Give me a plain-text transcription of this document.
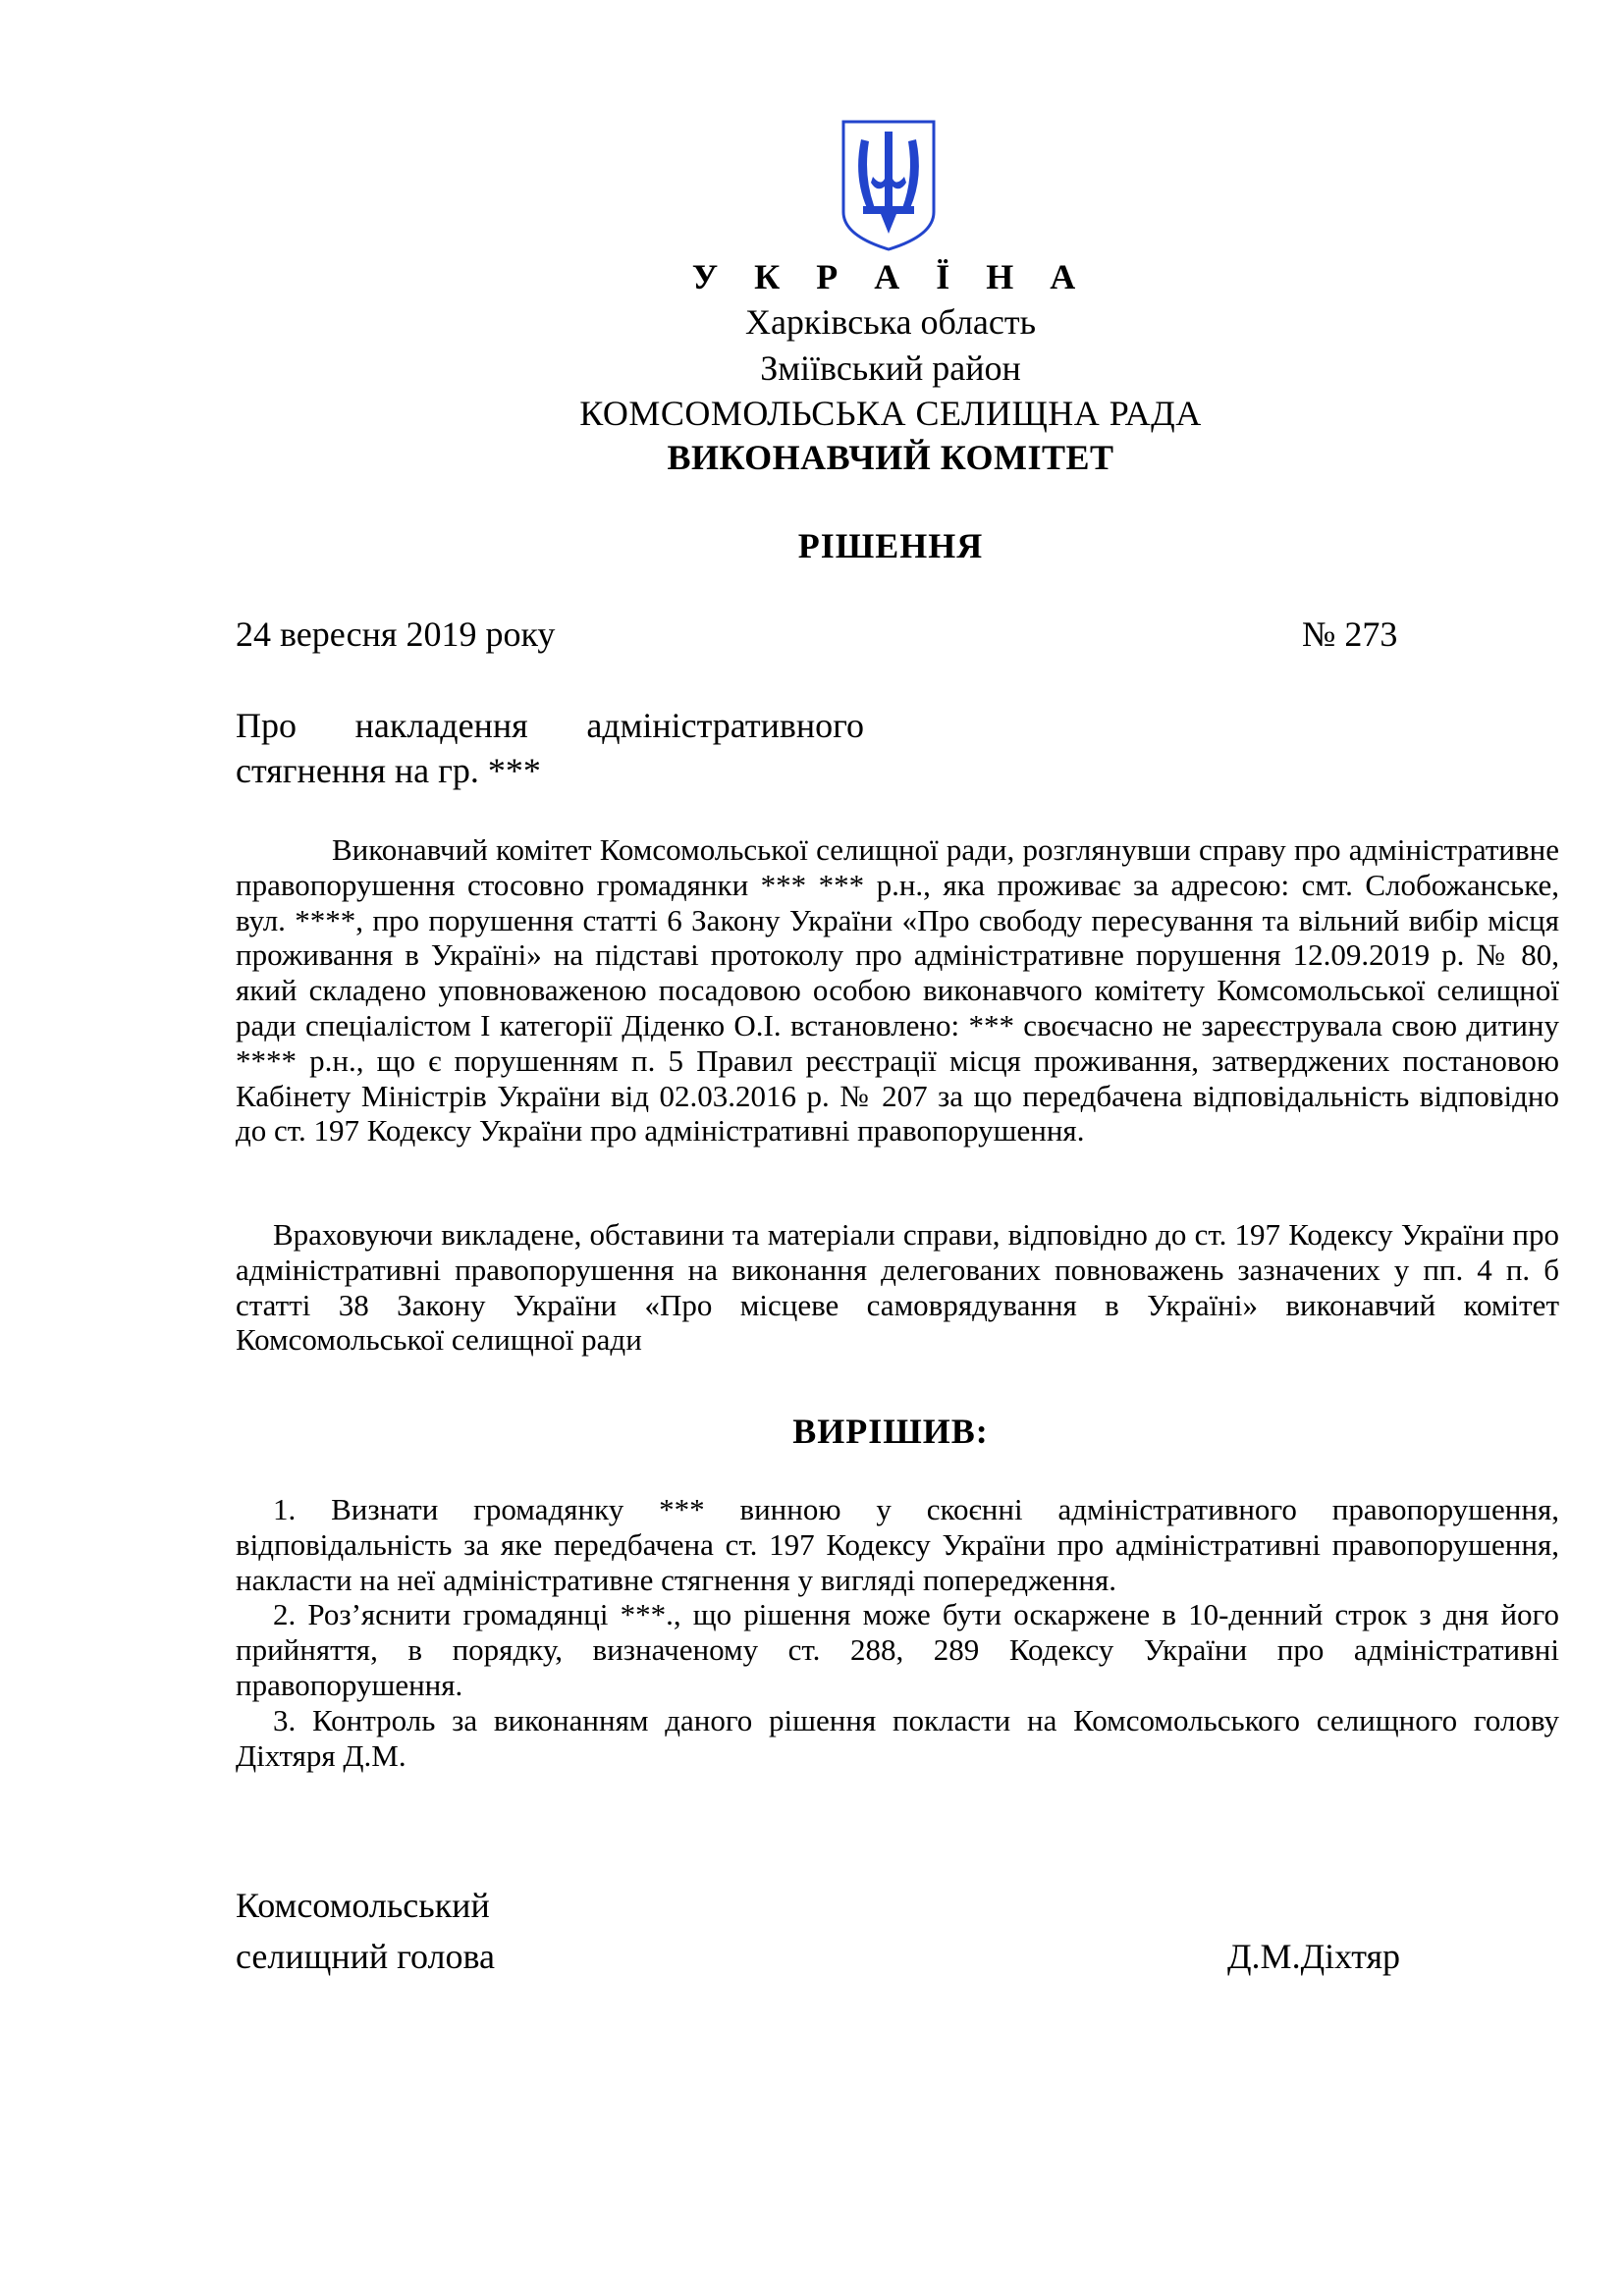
У К Р А Ї Н А
Харківська область
Зміївський район
КОМСОМОЛЬСЬКА СЕЛИЩНА РАДА
ВИКОНАВЧИЙ КОМІТЕТ
РІШЕННЯ
24 вересня 2019 року	№ 273
Про накладення адміністративного
стягнення на гр. ***
Виконавчий комітет Комсомольської селищної ради, розглянувши справу про адміністративне правопорушення стосовно громадянки *** *** р.н., яка проживає за адресою: смт. Слобожанське, вул. ****, про порушення статті 6 Закону України «Про свободу пересування та вільний вибір місця проживання в Україні» на підставі протоколу про адміністративне порушення 12.09.2019 р. № 80, який складено уповноваженою посадовою особою виконавчого комітету Комсомольської селищної ради спеціалістом І категорії Діденко О.І. встановлено: *** своєчасно не зареєструвала свою дитину **** р.н., що є порушенням п. 5 Правил реєстрації місця проживання, затверджених постановою Кабінету Міністрів України від 02.03.2016 р. № 207 за що передбачена відповідальність відповідно до ст. 197 Кодексу України про адміністративні правопорушення.
Враховуючи викладене, обставини та матеріали справи, відповідно до ст. 197 Кодексу України про адміністративні правопорушення на виконання делегованих повноважень зазначених у пп. 4 п. б статті 38 Закону України «Про місцеве самоврядування в Україні» виконавчий комітет Комсомольської селищної ради
ВИРІШИВ:
1. Визнати громадянку *** винною у скоєнні адміністративного правопорушення, відповідальність за яке передбачена ст. 197 Кодексу України про адміністративні правопорушення, накласти на неї адміністративне стягнення у вигляді попередження.
2. Роз’яснити громадянці ***., що рішення може бути оскаржене в 10-денний строк з дня його прийняття, в порядку, визначеному ст. 288, 289 Кодексу України про адміністративні правопорушення.
3. Контроль за виконанням даного рішення покласти на Комсомольського селищного голову Діхтяря Д.М.
Комсомольський
селищний голова	Д.М.Діхтяр
